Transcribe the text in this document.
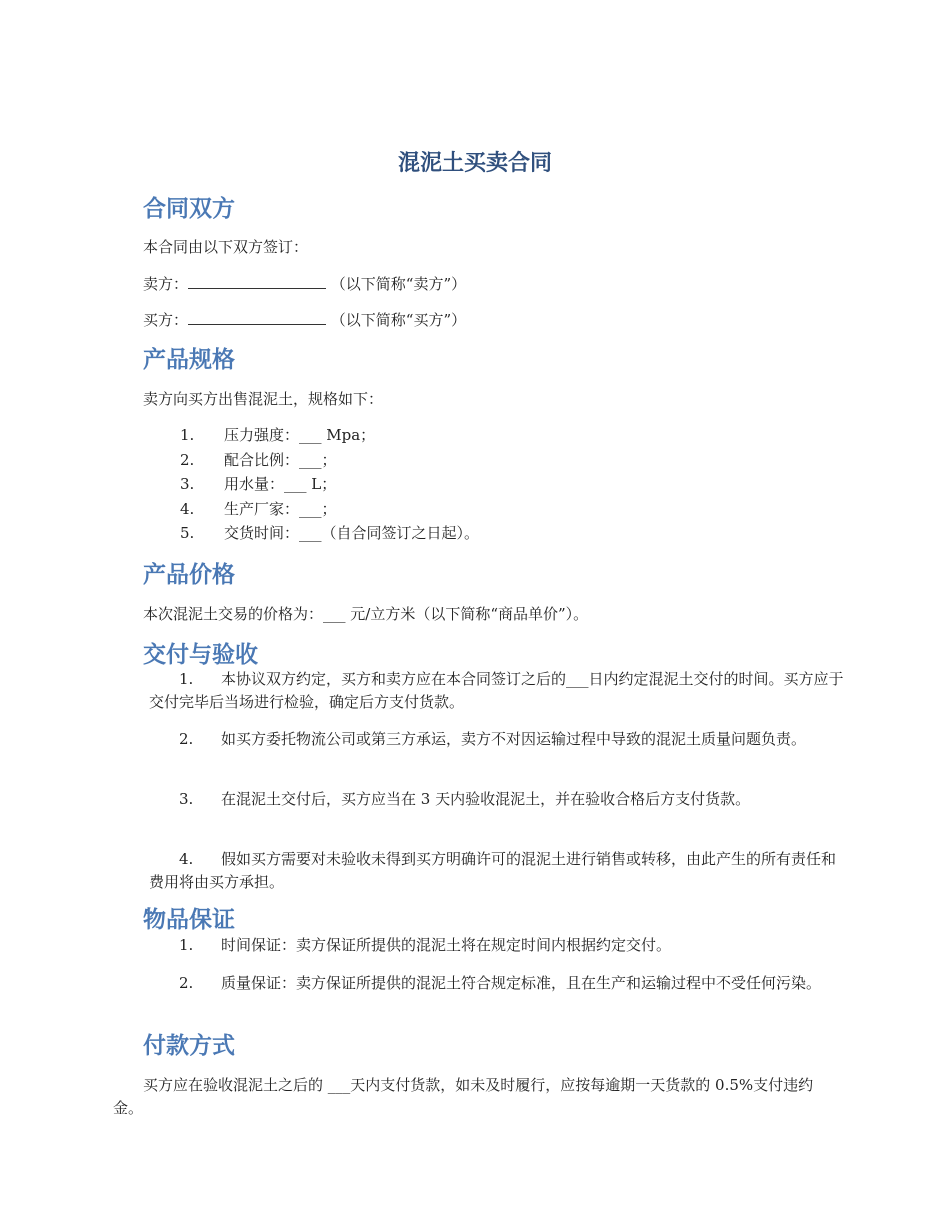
混泥土买卖合同
合同双方
本合同由以下双方签订：
卖方：	（以下简称“卖方”）
买方：	（以下简称“买方”）
产品规格
卖方向买方出售混泥土，规格如下：
1. 压力强度：___ Mpa；
2. 配合比例：___；
3. 用水量：___ L；
4. 生产厂家：___；
5. 交货时间：___（自合同签订之日起）。
产品价格
本次混泥土交易的价格为：___ 元/立方米（以下简称“商品单价”）。
交付与验收
1. 本协议双方约定，买方和卖方应在本合同签订之后的___日内约定混泥土交付的时间。买方应于交付完毕后当场进行检验，确定后方支付货款。
2. 如买方委托物流公司或第三方承运，卖方不对因运输过程中导致的混泥土质量问题负责。
3. 在混泥土交付后，买方应当在 3 天内验收混泥土，并在验收合格后方支付货款。
4. 假如买方需要对未验收未得到买方明确许可的混泥土进行销售或转移，由此产生的所有责任和费用将由买方承担。
物品保证
1. 时间保证：卖方保证所提供的混泥土将在规定时间内根据约定交付。
2. 质量保证：卖方保证所提供的混泥土符合规定标准，且在生产和运输过程中不受任何污染。
付款方式
买方应在验收混泥土之后的 ___天内支付货款，如未及时履行，应按每逾期一天货款的 0.5%支付违约金。
